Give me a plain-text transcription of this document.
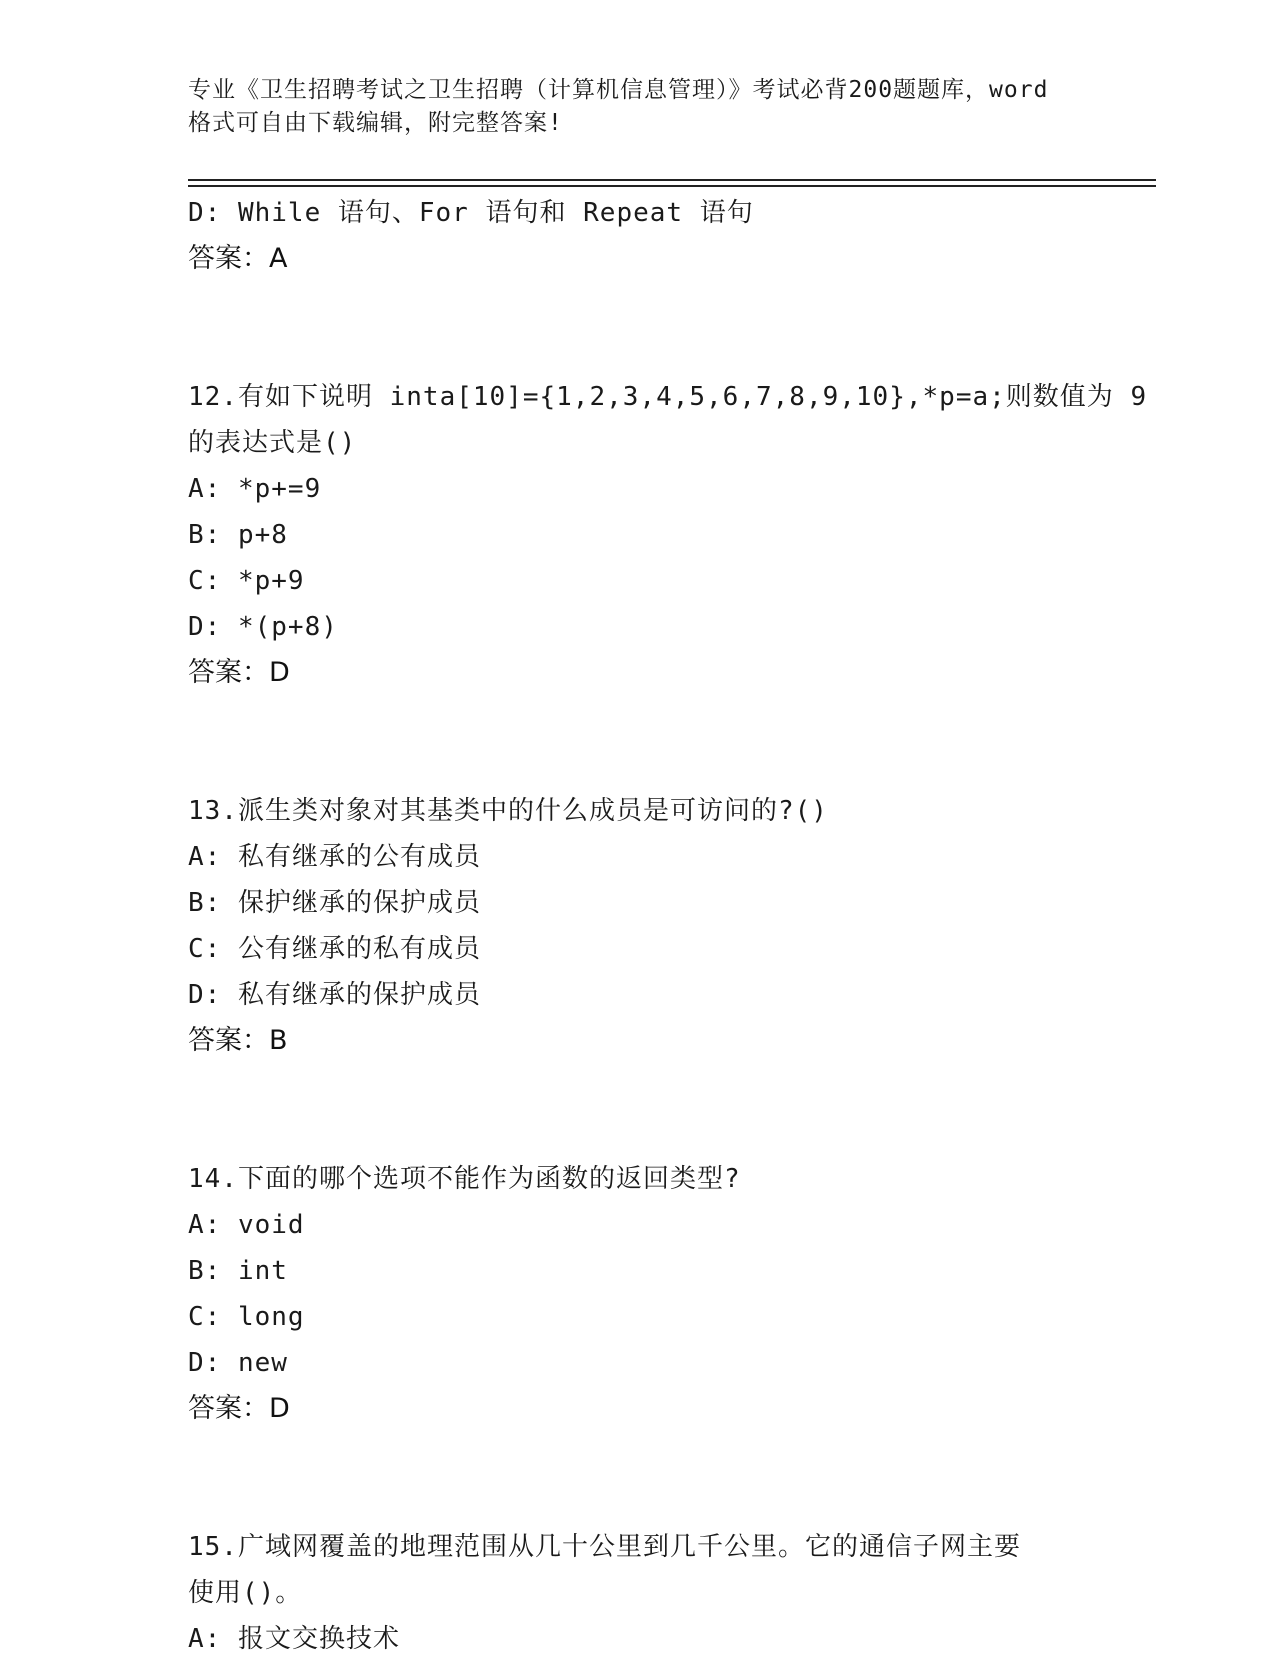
专业《卫生招聘考试之卫生招聘（计算机信息管理）》考试必背200题题库，word
格式可自由下载编辑，附完整答案!
D: While 语句、For 语句和 Repeat 语句
答案：A
12.有如下说明 inta[10]={1,2,3,4,5,6,7,8,9,10},*p=a;则数值为 9
的表达式是()
A: *p+=9
B: p+8
C: *p+9
D: *(p+8)
答案：D
13.派生类对象对其基类中的什么成员是可访问的?()
A: 私有继承的公有成员
B: 保护继承的保护成员
C: 公有继承的私有成员
D: 私有继承的保护成员
答案：B
14.下面的哪个选项不能作为函数的返回类型?
A: void
B: int
C: long
D: new
答案：D
15.广域网覆盖的地理范围从几十公里到几千公里。它的通信子网主要
使用()。
A: 报文交换技术
